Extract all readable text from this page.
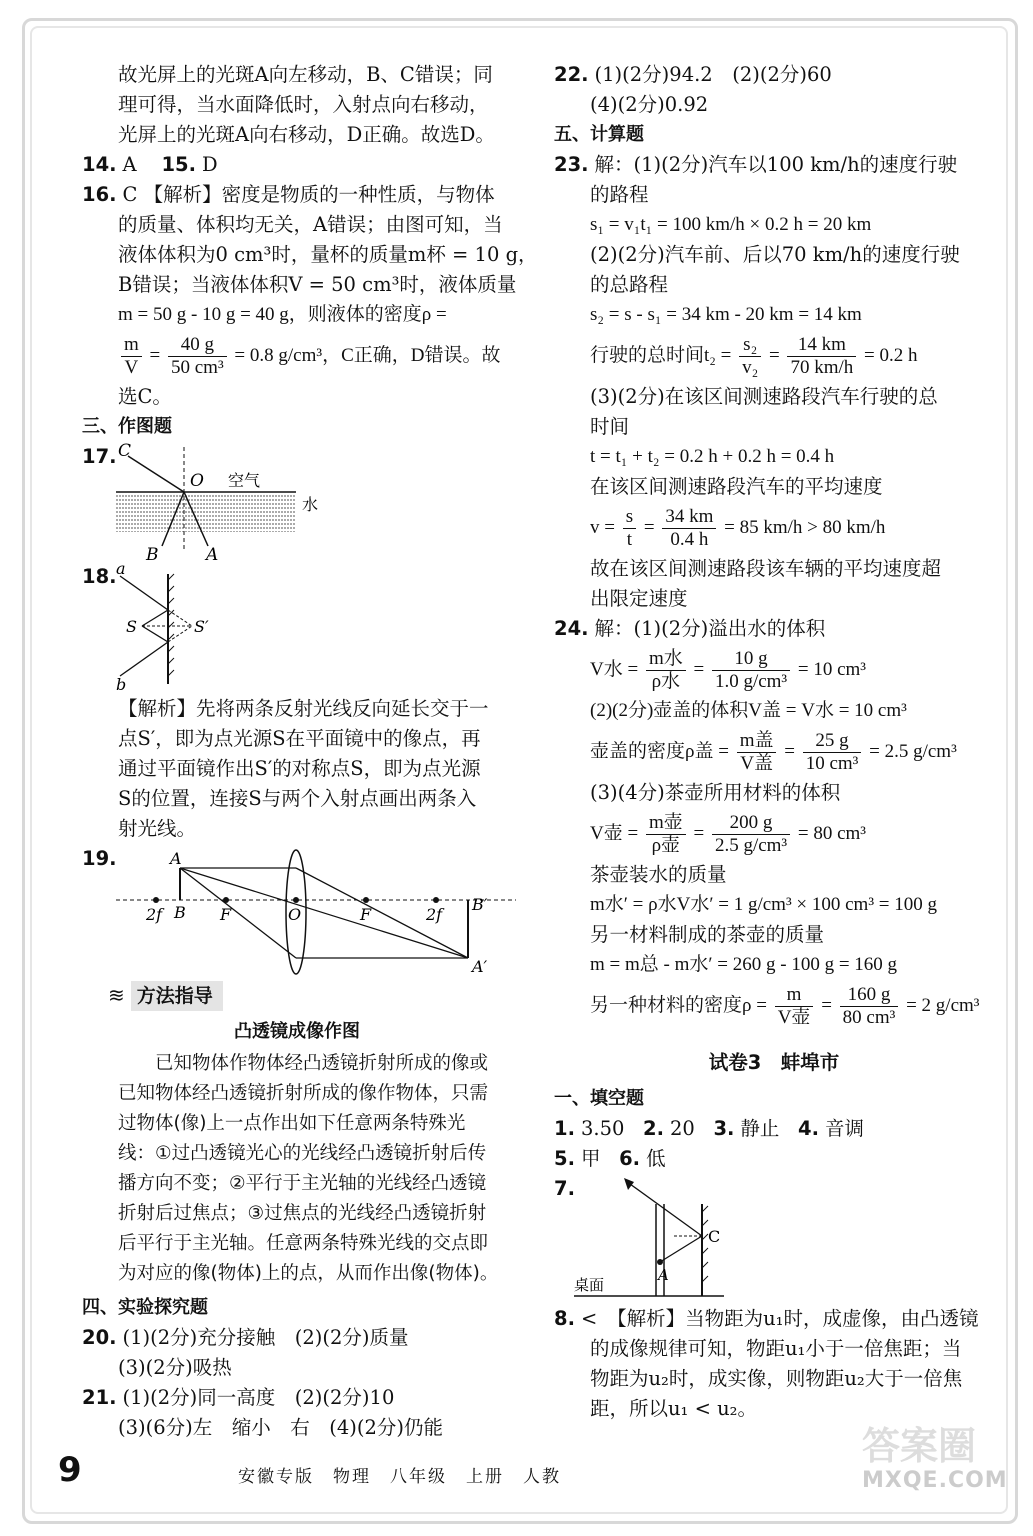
故光屏上的光斑A向左移动，B、C错误；同

理可得，当水面降低时，入射点向右移动，

光屏上的光斑A向右移动，D正确。故选D。

14. A 15. D

16. C 【解析】密度是物质的一种性质，与物体

的质量、体积均无关，A错误；由图可知，当

液体体积为0 cm³时，量杯的质量m杯 = 10 g，

B错误；当液体体积V = 50 cm³时，液体质量

m = 50 g - 10 g = 40 g，则液体的密度ρ =

$\frac{m}{V} = \frac{40 g}{\text{50 cm³}} = 0.8$ g/cm³，C正确，D错误。故

选C。

三、作图题

17. C
O 空气
水
B	A
18. a
b
S	S′

【解析】先将两条反射光线反向延长交于一

点S′，即为点光源S在平面镜中的像点，再

通过平面镜作出S′的对称点S，即为点光源

S的位置，连接S与两个入射点画出两条入

射光线。

19.	A
2f B F	O	F	2f
B′
A′
≋ 方法指导
凸透镜成像作图

已知物体作物体经凸透镜折射所成的像或已知物体经凸透镜折射所成的像作物体，只需过物体(像)上一点作出如下任意两条特殊光线：①过凸透镜光心的光线经凸透镜折射后传播方向不变；②平行于主光轴的光线经凸透镜折射后过焦点；③过焦点的光线经凸透镜折射后平行于主光轴。任意两条特殊光线的交点即为对应的像(物体)上的点，从而作出像(物体)。

四、实验探究题

20. (1)(2分)充分接触　(2)(2分)质量

(3)(2分)吸热

21. (1)(2分)同一高度　(2)(2分)10

(3)(6分)左　缩小　右　(4)(2分)仍能

22. (1)(2分)94.2　(2)(2分)60

(4)(2分)0.92

五、计算题

23. 解：(1)(2分)汽车以100 km/h的速度行驶

的路程

s₁ = v₁t₁ = 100 km/h × 0.2 h = 20 km

(2)(2分)汽车前、后以70 km/h的速度行驶

的总路程

s₂ = s - s₁ = 34 km - 20 km = 14 km

行驶的总时间$t_2 = \frac{\text{s₂}}{\text{v₂}} = \frac{14 km}{70 km/h} = 0.2$ h

(3)(2分)在该区间测速路段汽车行驶的总

时间

t = t₁ + t₂ = 0.2 h + 0.2 h = 0.4 h

在该区间测速路段汽车的平均速度

$v = \frac{s}{t} = \frac{34 km}{0.4 h} = 85$ km/h > 80 km/h

故在该区间测速路段该车辆的平均速度超

出限定速度

24. 解：(1)(2分)溢出水的体积

V水 = $\frac{\text{m水}}{\text{ρ水}} = \frac{10 g}{\text{1.0 g/cm³}} = 10$ cm³

(2)(2分)壶盖的体积V盖 = V水 = 10 cm³

壶盖的密度ρ盖 = $\frac{\text{m盖}}{\text{V盖}} = \frac{25 g}{\text{10 cm³}} = 2.5$ g/cm³

(3)(4分)茶壶所用材料的体积

V壶 = $\frac{\text{m壶}}{\text{ρ壶}} = \frac{200 g}{\text{2.5 g/cm³}} = 80$ cm³

茶壶装水的质量

m水′ = ρ水V水′ = 1 g/cm³ × 100 cm³ = 100 g

另一材料制成的茶壶的质量

m = m总 - m水′ = 260 g - 100 g = 160 g

另一种材料的密度$\rho = \frac{m}{\text{V壶}} = \frac{160 g}{\text{80 cm³}} = 2$ g/cm³

试卷3　蚌埠市

一、填空题

1. 3.50 2. 20 3. 静止 4. 音调

5. 甲 6. 低

7.
C
A
桌面

8. <　【解析】当物距为u₁时，成虚像，由凸透镜

的成像规律可知，物距u₁小于一倍焦距；当

物距为u₂时，成实像，则物距u₂大于一倍焦

距，所以u₁ < u₂。

9	安徽专版　物理　八年级　上册　人教
答案圈
MXQE.COM
